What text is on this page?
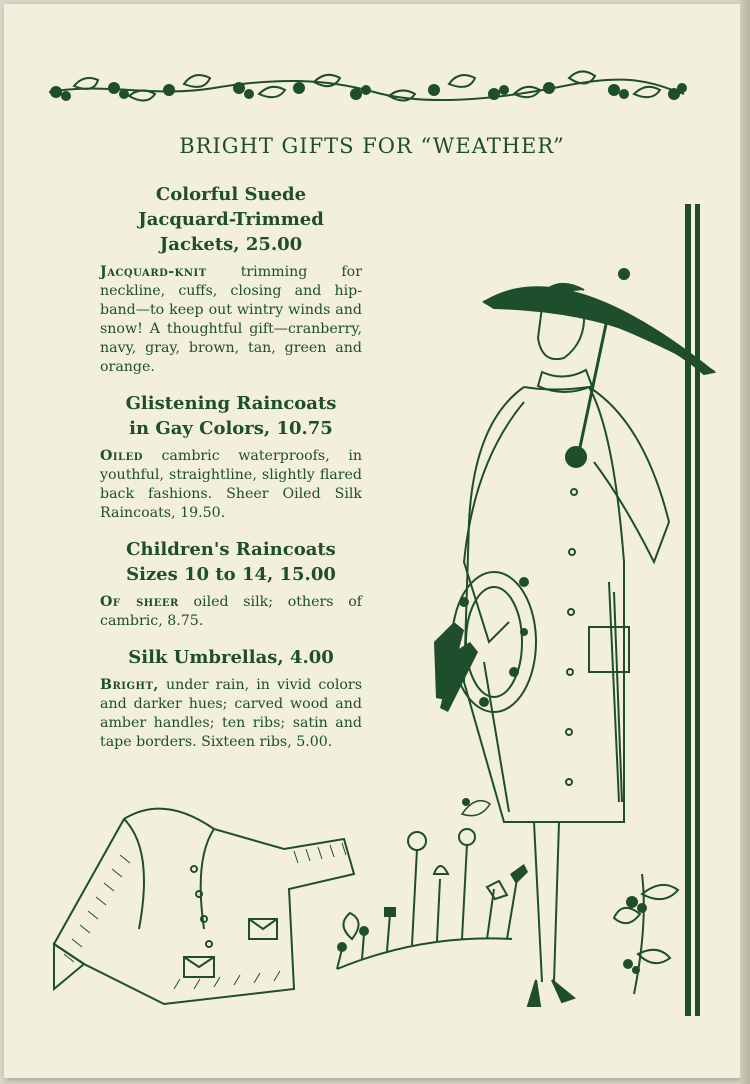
BRIGHT GIFTS FOR “WEATHER”
Colorful Suede
Jacquard-Trimmed
Jackets, 25.00

Jacquard-knit trimming for neckline, cuffs, closing and hip-band—to keep out wintry winds and snow! A thoughtful gift—cranberry, navy, gray, brown, tan, green and orange.

Glistening Raincoats
in Gay Colors, 10.75

Oiled cambric waterproofs, in youthful, straightline, slightly flared back fashions. Sheer Oiled Silk Raincoats, 19.50.

Children's Raincoats
Sizes 10 to 14, 15.00

Of sheer oiled silk; others of cambric, 8.75.

Silk Umbrellas, 4.00

Bright, under rain, in vivid colors and darker hues; carved wood and amber handles; ten ribs; satin and tape borders. Sixteen ribs, 5.00.
